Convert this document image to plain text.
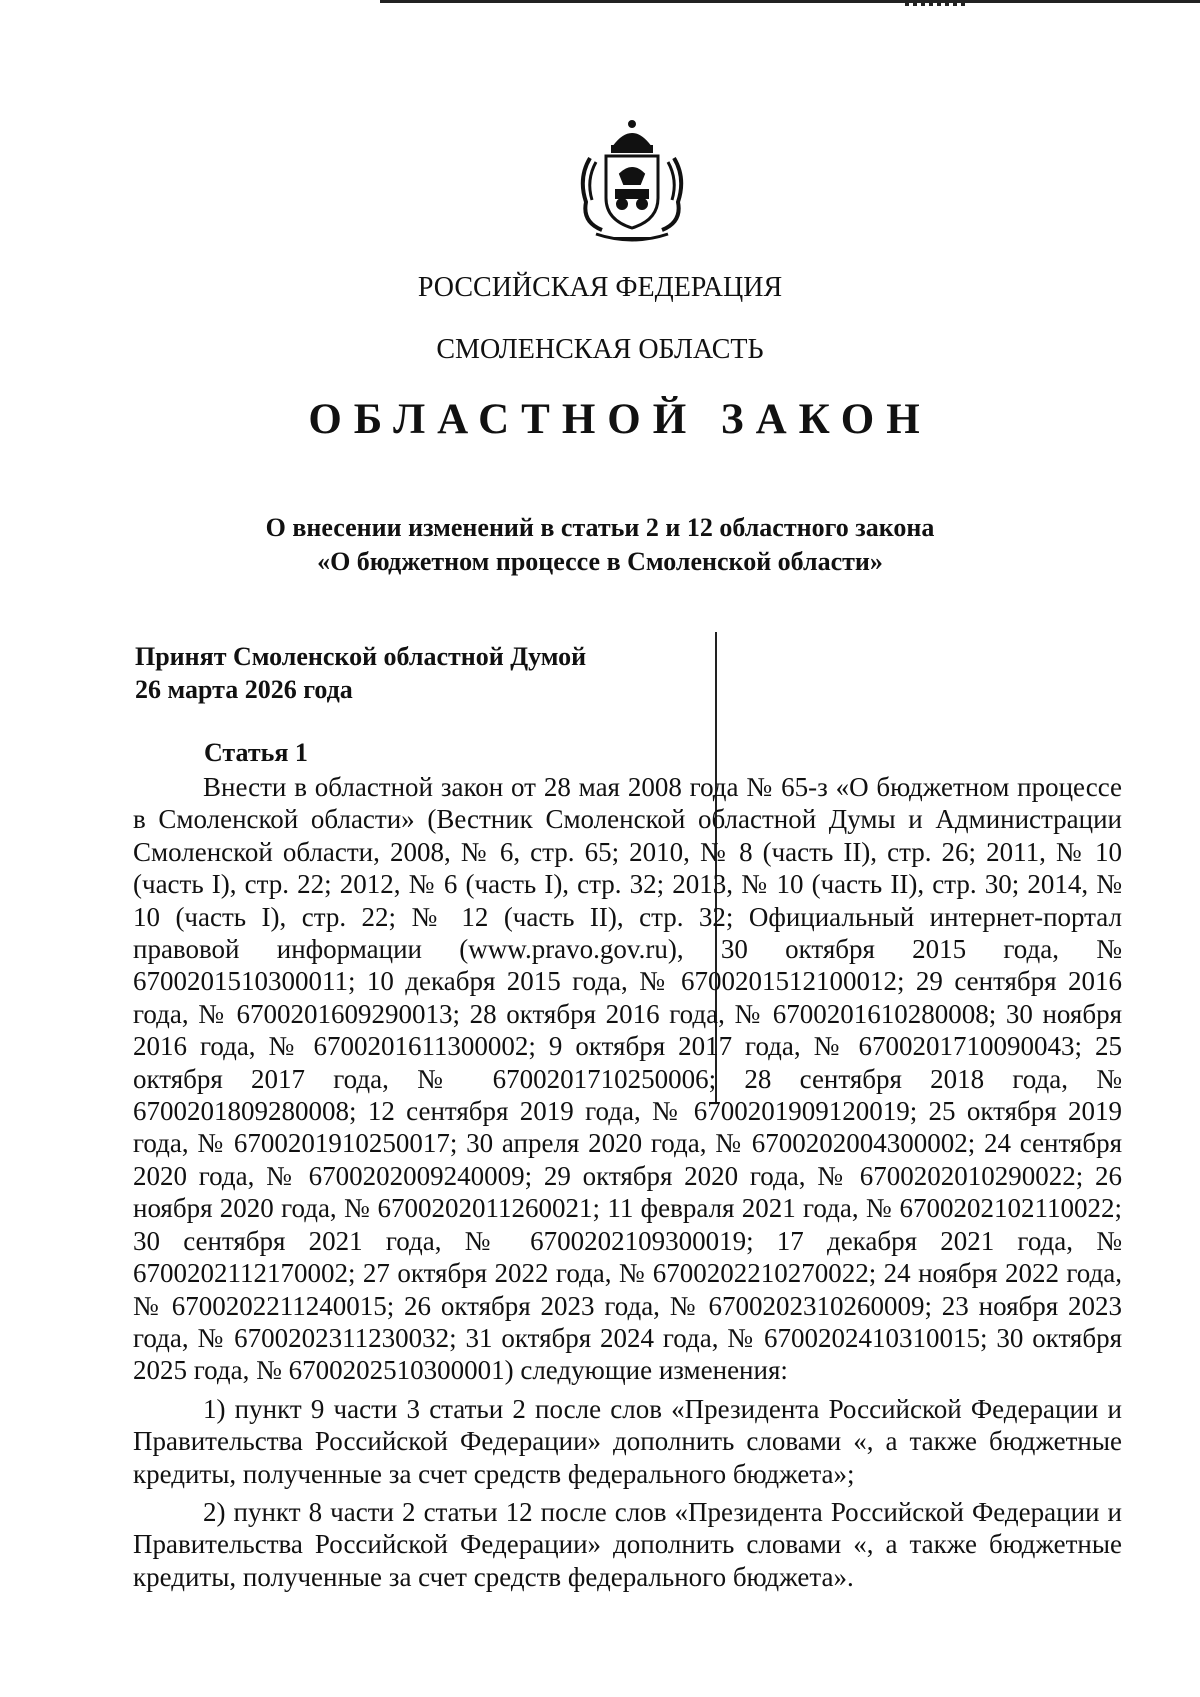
РОССИЙСКАЯ ФЕДЕРАЦИЯ
СМОЛЕНСКАЯ ОБЛАСТЬ
ОБЛАСТНОЙ ЗАКОН
О внесении изменений в статьи 2 и 12 областного закона
«О бюджетном процессе в Смоленской области»
Принят Смоленской областной Думой
26 марта 2026 года
Статья 1

Внести в областной закон от 28 мая 2008 года № 65-з «О бюджетном процессе в Смоленской области» (Вестник Смоленской областной Думы и Администрации Смоленской области, 2008, № 6, стр. 65; 2010, № 8 (часть II), стр. 26; 2011, № 10 (часть I), стр. 22; 2012, № 6 (часть I), стр. 32; 2013, № 10 (часть II), стр. 30; 2014, № 10 (часть I), стр. 22; № 12 (часть II), стр. 32; Официальный интернет-портал правовой информации (www.pravo.gov.ru), 30 октября 2015 года, № 6700201510300011; 10 декабря 2015 года, № 6700201512100012; 29 сентября 2016 года, № 6700201609290013; 28 октября 2016 года, № 6700201610280008; 30 ноября 2016 года, № 6700201611300002; 9 октября 2017 года, № 6700201710090043; 25 октября 2017 года, № 6700201710250006; 28 сентября 2018 года, № 6700201809280008; 12 сентября 2019 года, № 6700201909120019; 25 октября 2019 года, № 6700201910250017; 30 апреля 2020 года, № 6700202004300002; 24 сентября 2020 года, № 6700202009240009; 29 октября 2020 года, № 6700202010290022; 26 ноября 2020 года, № 6700202011260021; 11 февраля 2021 года, № 6700202102110022; 30 сентября 2021 года, № 6700202109300019; 17 декабря 2021 года, № 6700202112170002; 27 октября 2022 года, № 6700202210270022; 24 ноября 2022 года, № 6700202211240015; 26 октября 2023 года, № 6700202310260009; 23 ноября 2023 года, № 6700202311230032; 31 октября 2024 года, № 6700202410310015; 30 октября 2025 года, № 6700202510300001) следующие изменения:

1) пункт 9 части 3 статьи 2 после слов «Президента Российской Федерации и Правительства Российской Федерации» дополнить словами «, а также бюджетные кредиты, полученные за счет средств федерального бюджета»;

2) пункт 8 части 2 статьи 12 после слов «Президента Российской Федерации и Правительства Российской Федерации» дополнить словами «, а также бюджетные кредиты, полученные за счет средств федерального бюджета».
